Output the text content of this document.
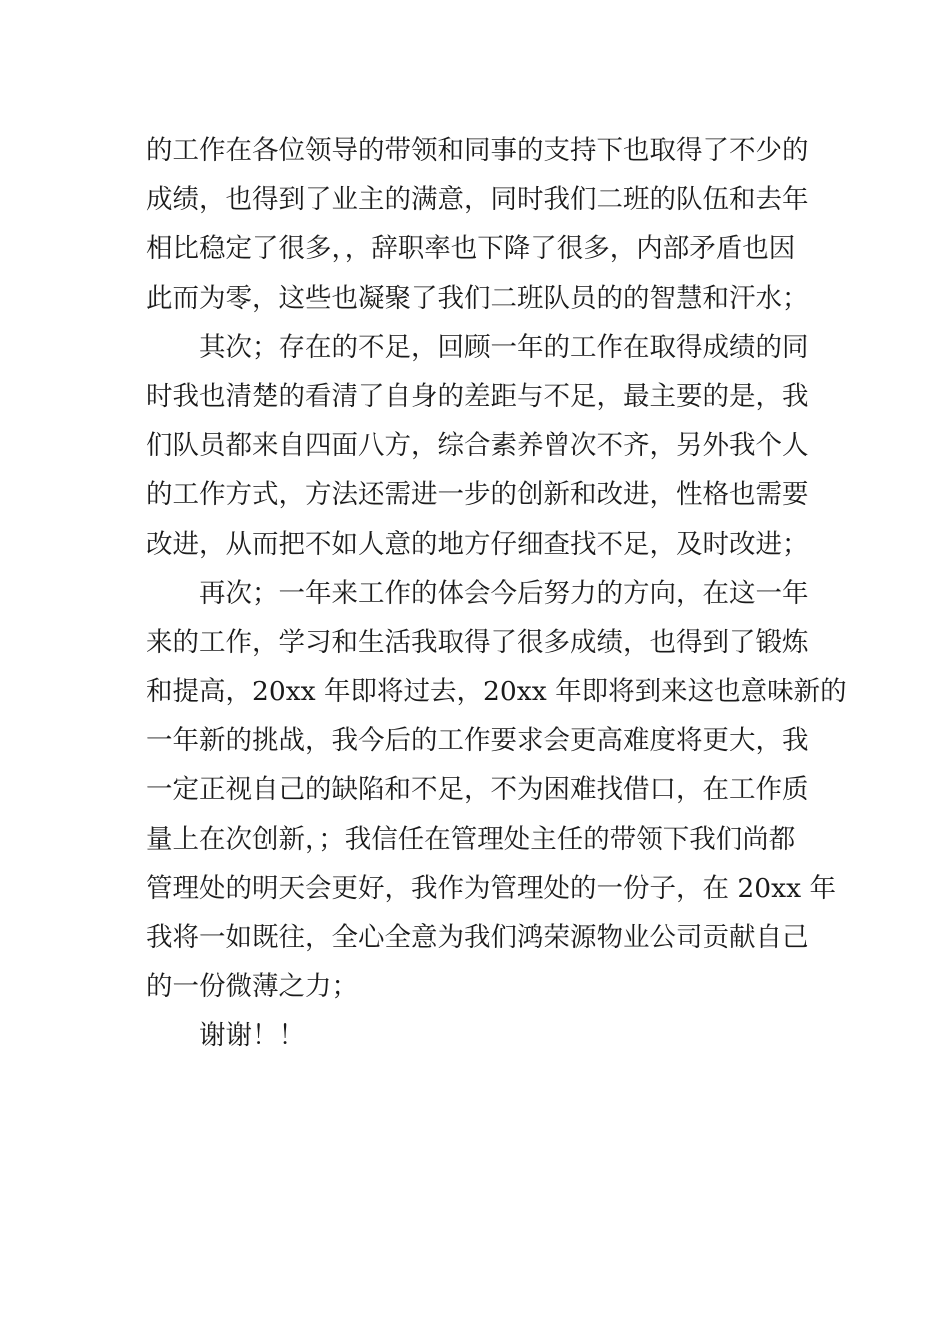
的工作在各位领导的带领和同事的支持下也取得了不少的
成绩，也得到了业主的满意，同时我们二班的队伍和去年
相比稳定了很多，，辞职率也下降了很多，内部矛盾也因
此而为零，这些也凝聚了我们二班队员的的智慧和汗水；
其次；存在的不足，回顾一年的工作在取得成绩的同
时我也清楚的看清了自身的差距与不足，最主要的是，我
们队员都来自四面八方，综合素养曾次不齐，另外我个人
的工作方式，方法还需进一步的创新和改进，性格也需要
改进，从而把不如人意的地方仔细查找不足，及时改进；
再次；一年来工作的体会今后努力的方向，在这一年
来的工作，学习和生活我取得了很多成绩，也得到了锻炼
和提高，20xx 年即将过去，20xx 年即将到来这也意味新的
一年新的挑战，我今后的工作要求会更高难度将更大，我
一定正视自己的缺陷和不足，不为困难找借口，在工作质
量上在次创新，；我信任在管理处主任的带领下我们尚都
管理处的明天会更好，我作为管理处的一份子，在 20xx 年
我将一如既往，全心全意为我们鸿荣源物业公司贡献自己
的一份微薄之力；
谢谢！！
